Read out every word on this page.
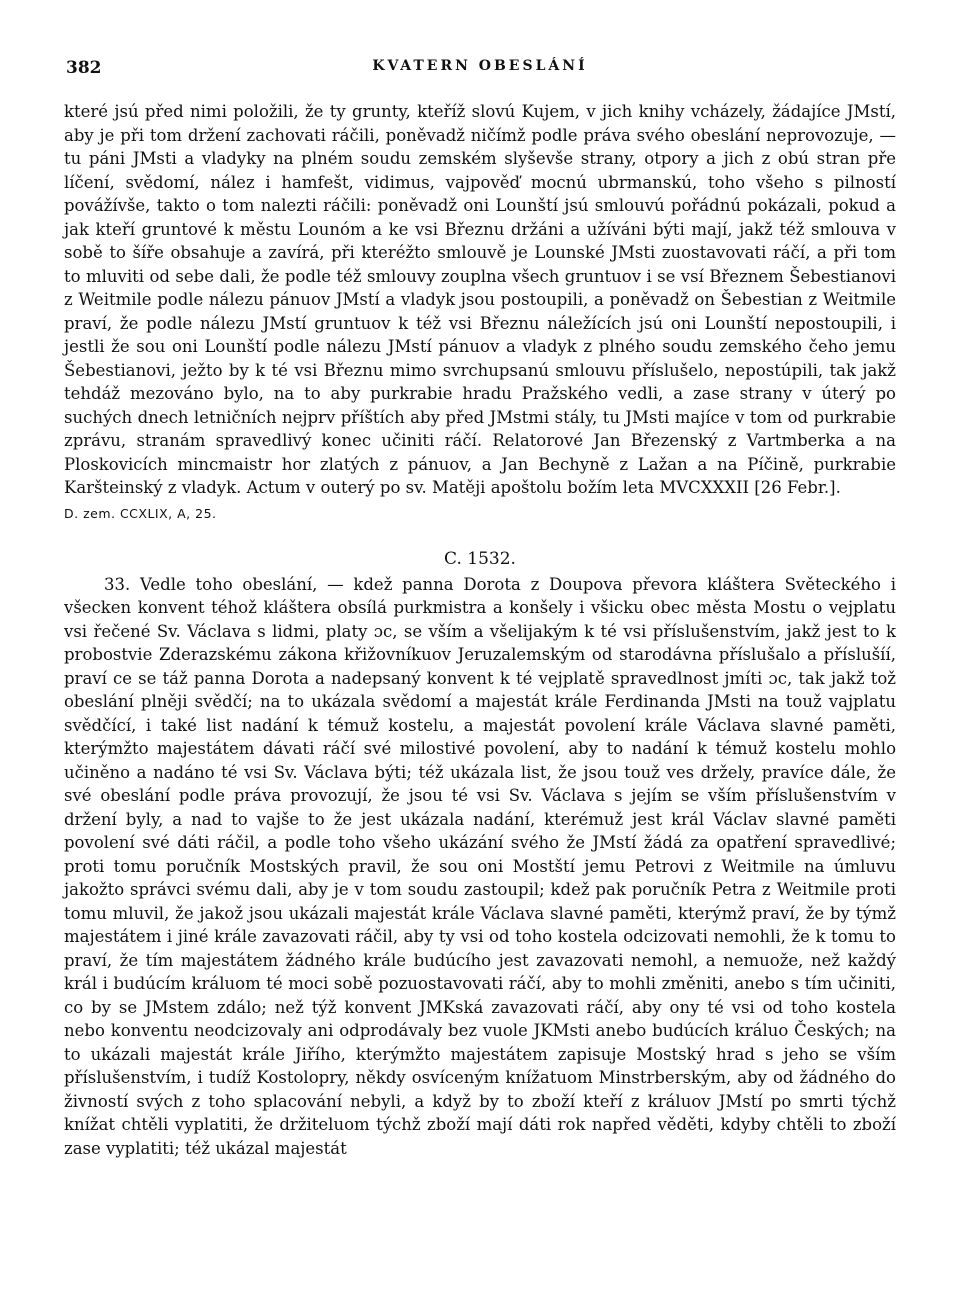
382	KVATERN OBESLÁNÍ

které jsú před nimi položili, že ty grunty, kteříž slovú Kujem, v jich knihy vcházely, žádajíce JMstí, aby je při tom držení zachovati ráčili, poněvadž ničímž podle práva svého obeslání neprovozuje, — tu páni JMsti a vladyky na plném soudu zemském slyševše strany, otpory a jich z obú stran pře líčení, svědomí, nález i hamfešt, vidimus, vajpověď mocnú ubrmanskú, toho všeho s pilností povážívše, takto o tom nalezti ráčili: poněvadž oni Lounští jsú smlouvú pořádnú pokázali, pokud a jak kteří gruntové k městu Lounóm a ke vsi Březnu držáni a užíváni býti mají, jakž též smlouva v sobě to šíře obsahuje a zavírá, při kteréžto smlouvě je Lounské JMsti zuostavovati ráčí, a při tom to mluviti od sebe dali, že podle též smlouvy zouplna všech gruntuov i se vsí Březnem Šebestianovi z Weitmile podle nálezu pánuov JMstí a vladyk jsou postoupili, a poněvadž on Šebestian z Weitmile praví, že podle nálezu JMstí gruntuov k též vsi Březnu náležících jsú oni Lounští nepostoupili, i jestli že sou oni Lounští podle nálezu JMstí pánuov a vladyk z plného soudu zemského čeho jemu Šebestianovi, ježto by k té vsi Březnu mimo svrchupsanú smlouvu příslušelo, nepostúpili, tak jakž tehdáž mezováno bylo, na to aby purkrabie hradu Pražského vedli, a zase strany v úterý po suchých dnech letničních nejprv příštích aby před JMstmi stály, tu JMsti majíce v tom od purkrabie zprávu, stranám spravedlivý konec učiniti ráčí. Relatorové Jan Březenský z Vartmberka a na Ploskovicích mincmaistr hor zlatých z pánuov, a Jan Bechyně z Lažan a na Píčině, purkrabie Karšteinský z vladyk. Actum v outerý po sv. Matěji apoštolu božím leta MVCXXXII [26 Febr.].

D. zem. CCXLIX, A, 25.

C. 1532.

33. Vedle toho obeslání, — kdež panna Dorota z Doupova převora kláštera Světeckého i všecken konvent téhož kláštera obsílá purkmistra a konšely i všicku obec města Mostu o vejplatu vsi řečené Sv. Václava s lidmi, platy ɔc, se vším a všelijakým k té vsi příslušenstvím, jakž jest to k probostvie Zderazskému zákona křižovníkuov Jeruzalemským od starodávna příslušalo a příslušíí, praví ce se táž panna Dorota a nadepsaný konvent k té vejplatě spravedlnost jmíti ɔc, tak jakž tož obeslání plněji svědčí; na to ukázala svědomí a majestát krále Ferdinanda JMsti na touž vajplatu svědčící, i také list nadání k témuž kostelu, a majestát povolení krále Václava slavné paměti, kterýmžto majestátem dávati ráčí své milostivé povolení, aby to nadání k témuž kostelu mohlo učiněno a nadáno té vsi Sv. Václava býti; též ukázala list, že jsou touž ves držely, pravíce dále, že své obeslání podle práva provozují, že jsou té vsi Sv. Václava s jejím se vším příslušenstvím v držení byly, a nad to vajše to že jest ukázala nadání, kterémuž jest král Václav slavné paměti povolení své dáti ráčil, a podle toho všeho ukázání svého že JMstí žádá za opatření spravedlivé; proti tomu poručník Mostských pravil, že sou oni Mostští jemu Petrovi z Weitmile na úmluvu jakožto správci svému dali, aby je v tom soudu zastoupil; kdež pak poručník Petra z Weitmile proti tomu mluvil, že jakož jsou ukázali majestát krále Václava slavné paměti, kterýmž praví, že by týmž majestátem i jiné krále zavazovati ráčil, aby ty vsi od toho kostela odcizovati nemohli, že k tomu to praví, že tím majestátem žádného krále budúcího jest zavazovati nemohl, a nemuože, než každý král i budúcím králuom té moci sobě pozuostavovati ráčí, aby to mohli změniti, anebo s tím učiniti, co by se JMstem zdálo; než týž konvent JMKská zavazovati ráčí, aby ony té vsi od toho kostela nebo konventu neodcizovaly ani odprodávaly bez vuole JKMsti anebo budúcích králuo Českých; na to ukázali majestát krále Jiřího, kterýmžto majestátem zapisuje Mostský hrad s jeho se vším příslušenstvím, i tudíž Kostolopry, někdy osvíceným knížatuom Minstrberským, aby od žádného do živností svých z toho splacování nebyli, a když by to zboží kteří z králuov JMstí po smrti týchž knížat chtěli vyplatiti, že držiteluom týchž zboží mají dáti rok napřed věděti, kdyby chtěli to zboží zase vyplatiti; též ukázal majestát
